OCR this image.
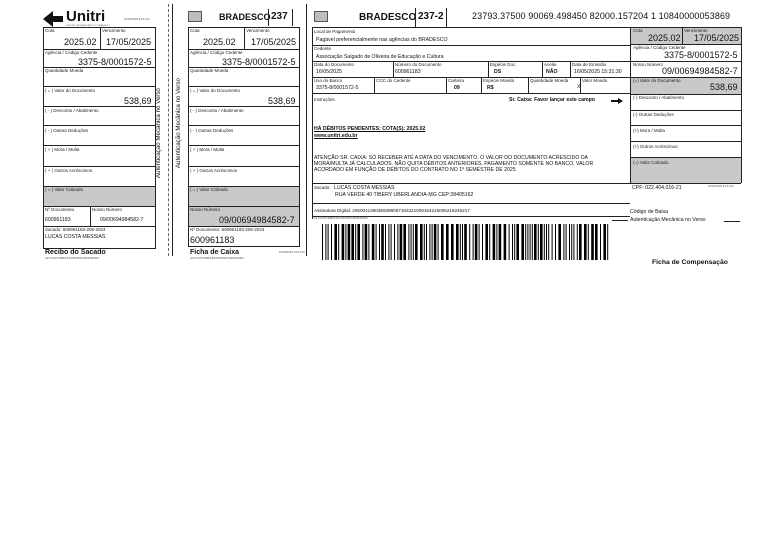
Unitri
CENTRO UNIVERSITÁRIO DO TRIÂNGULO
16/05/2025 15:31:32
Cota
2025.02
Vencimento
17/05/2025
Agência / Código Cedente
3375-8/0001572-5
Quantidade Moeda
( = ) Valor do Documento
538,69
( - ) Desconto / Abatimento
( - ) Outras Deduções
( + ) Mora / Multa
( + ) Outros Acréscimos
( = ) Valor Cobrado
Nº Documento
600961183
Nosso Número
09/00694984582-7
Sacado: 600961183-206-2024
LUCAS COSTA MESSIAS
Recibo do Sacado
LET/CONTRIBNUM:00532597/09/0000000
Autenticação Mecânica no Verso
BRADESCO 237
Autenticação Mecânica no Verso
Cota
2025.02
Vencimento
17/05/2025
Agência / Código Cedente
3375-8/0001572-5
Quantidade Moeda
( = ) Valor do Documento
538,69
( - ) Desconto / Abatimento
( - ) Outras Deduções
( + ) Mora / Multa
( + ) Outros Acréscimos
( = ) Valor Cobrado
Nosso Número
09/00694984582-7
Nº Documento: 600961183-206-2024
600961183
Ficha de Caixa	16/05/2025 15:31:32
LET/CONTRIBNUM:00532597/09/0000000
BRADESCO 237-2	23793.37500 90069.498450 82000.157204 1 10840000053869
Local de Pagamento
Pagável preferencialmente nas agências do BRADESCO
Cedente
Associação Salgado de Oliveira de Educação e Cultura
Data do Documento
16/05/2025
Número do Documento
600961183
Espécie Doc.
DS
Aceite
NÃO
Data de Emissão
16/05/2025 15:31:30
Uso do Banco
3375-8/0001572-5
CGC do Cedente	Carteira
09
Espécie Moeda
R$
Quantidade Moeda	Valor Moeda
X
Instruções	Sr. Caixa: Favor lançar este campo
HÁ DÉBITOS PENDENTES: COTA(S): 2025.02
www.unitri.edu.br
ATENÇÃO SR. CAIXA: SÓ RECEBER ATÉ A DATA DO VENCIMENTO. O VALOR DO DOCUMENTO ACRESCIDO DA MORA/MULTA JÁ CALCULADOS. NÃO QUITA DÉBITOS ANTERIORES. PAGAMENTO SOMENTE NO BANCO. VALOR ACORDADO EM FUNÇÃO DE DÉBITOS DO CONTRATO NO 1º SEMESTRE DE 2025
Sacado: LUCAS COSTA MESSIAS
RUA VERDE 40 TIBERY UBERLANDIA-MG CEP:38405162
Assinatura Digital: 205004138036939606718222100915421500521624621​7
LET/CONTRIBNUM:00532597/09/0000000
Cota
2025.02
Vencimento
17/05/2025
Agência / Código Cedente
3375-8/0001572-5
Nosso Número
09/00694984582-7
(=) Valor do Documento
538,69
(-) Desconto / Abatimento
(-) Outras Deduções
(+) Mora / Multa
(+) Outros Acréscimos
(=) Valor Cobrado
CPF: 022.404.016-21	16/05/2025 15:31:32
Código de Baixa
Autenticação Mecânica no Verso
Ficha de Compensação
